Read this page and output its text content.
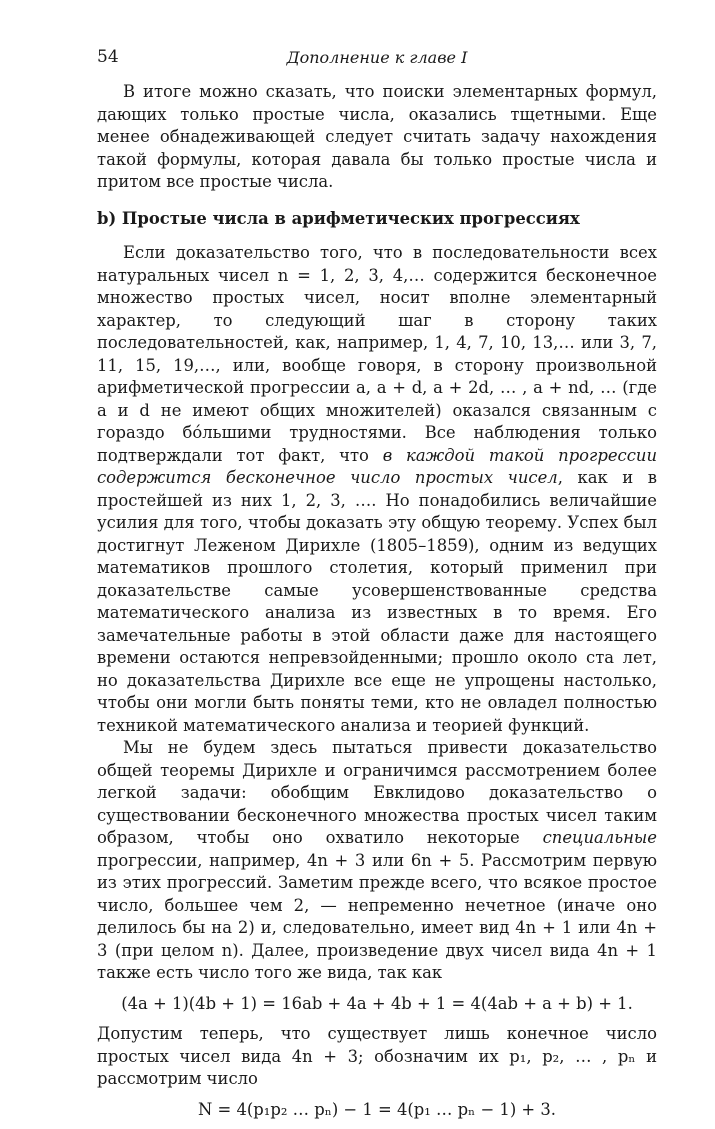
54	Дополнение к главе I

В итоге можно сказать, что поиски элементарных формул, дающих только простые числа, оказались тщетными. Еще менее обнадеживающей следует считать задачу нахождения такой формулы, которая давала бы только простые числа и притом все простые числа.

b) Простые числа в арифметических прогрессиях

Если доказательство того, что в последовательности всех натуральных чисел n = 1, 2, 3, 4,… содержится бесконечное множество простых чисел, носит вполне элементарный характер, то следующий шаг в сторону таких последовательностей, как, например, 1, 4, 7, 10, 13,… или 3, 7, 11, 15, 19,…, или, вообще говоря, в сторону произвольной арифметической прогрессии a, a + d, a + 2d, … , a + nd, … (где a и d не имеют общих множителей) оказался связанным с гораздо бо́льшими трудностями. Все наблюдения только подтверждали тот факт, что в каждой такой прогрессии содержится бесконечное число простых чисел, как и в простейшей из них 1, 2, 3, …. Но понадобились величайшие усилия для того, чтобы доказать эту общую теорему. Успех был достигнут Леженом Дирихле (1805–1859), одним из ведущих математиков прошлого столетия, который применил при доказательстве самые усовершенствованные средства математического анализа из известных в то время. Его замечательные работы в этой области даже для настоящего времени остаются непревзойденными; прошло около ста лет, но доказательства Дирихле все еще не упрощены настолько, чтобы они могли быть поняты теми, кто не овладел полностью техникой математического анализа и теорией функций.

Мы не будем здесь пытаться привести доказательство общей теоремы Дирихле и ограничимся рассмотрением более легкой задачи: обобщим Евклидово доказательство о существовании бесконечного множества простых чисел таким образом, чтобы оно охватило некоторые специальные прогрессии, например, 4n + 3 или 6n + 5. Рассмотрим первую из этих прогрессий. Заметим прежде всего, что всякое простое число, большее чем 2, — непременно нечетное (иначе оно делилось бы на 2) и, следовательно, имеет вид 4n + 1 или 4n + 3 (при целом n). Далее, произведение двух чисел вида 4n + 1 также есть число того же вида, так как

(4a + 1)(4b + 1) = 16ab + 4a + 4b + 1 = 4(4ab + a + b) + 1.

Допустим теперь, что существует лишь конечное число простых чисел вида 4n + 3; обозначим их p₁, p₂, … , pₙ и рассмотрим число

N = 4(p₁p₂ … pₙ) − 1 = 4(p₁ … pₙ − 1) + 3.
